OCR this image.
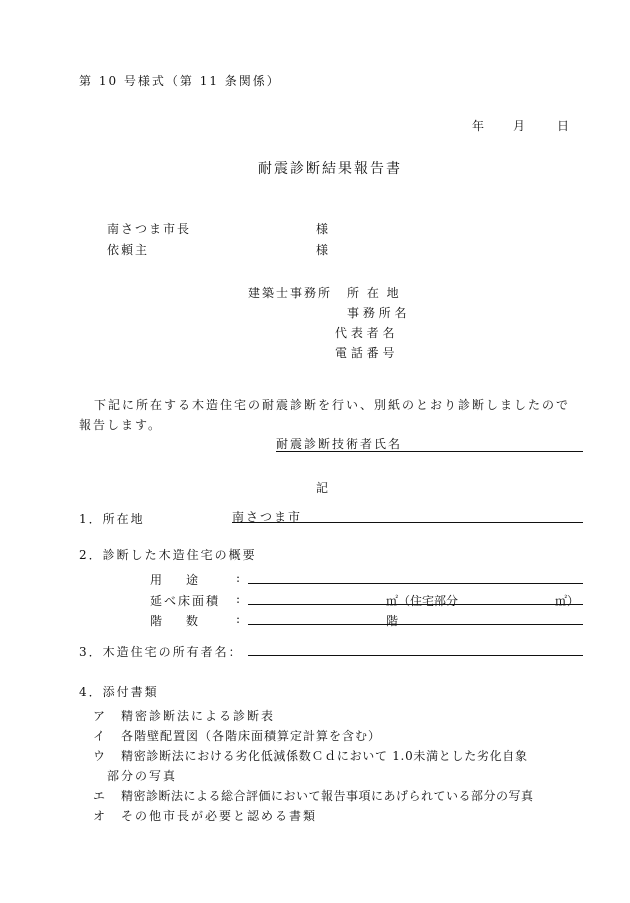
第 10 号様式（第 11 条関係）
年 月	日
耐震診断結果報告書
南さつま市長	様
依頼主	様
建築士事務所 所 在 地
事 務 所 名
代 表 者 名
電 話 番 号
下記に所在する木造住宅の耐震診断を行い、別紙のとおり診断しましたので
報告します。
耐震診断技術者氏名
記
1．所在地	南さつま市
2．診断した木造住宅の概要
用　　途	:
延べ床面積 :	㎡（住宅部分	㎡）
階　　数	:	階
3．木造住宅の所有者名：
4．添付書類
ア 精密診断法による診断表
イ 各階壁配置図（各階床面積算定計算を含む）
ウ 精密診断法における劣化低減係数Ｃｄにおいて 1.0未満とした劣化自象
部分の写真
エ 精密診断法による総合評価において報告事項にあげられている部分の写真
オ その他市長が必要と認める書類
